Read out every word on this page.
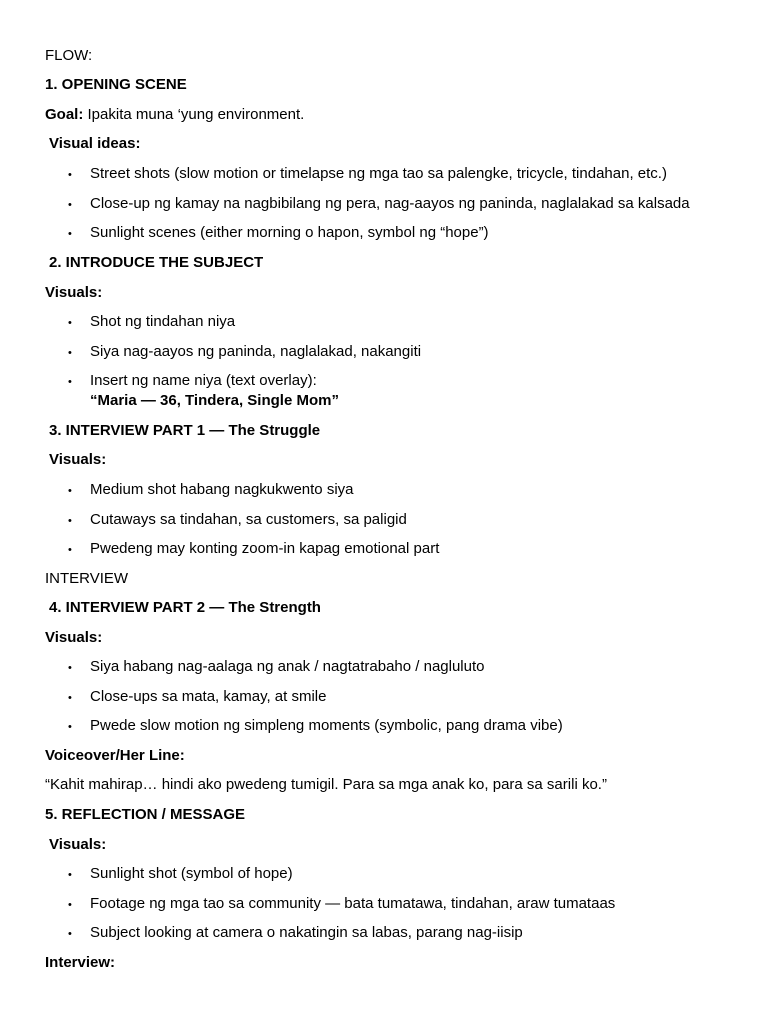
FLOW:
1. OPENING SCENE
Goal: Ipakita muna ‘yung environment.
Visual ideas:
• Street shots (slow motion or timelapse ng mga tao sa palengke, tricycle, tindahan, etc.)
• Close-up ng kamay na nagbibilang ng pera, nag-aayos ng paninda, naglalakad sa kalsada
• Sunlight scenes (either morning o hapon, symbol ng “hope”)
2. INTRODUCE THE SUBJECT
Visuals:
• Shot ng tindahan niya
• Siya nag-aayos ng paninda, naglalakad, nakangiti
• Insert ng name niya (text overlay):
“Maria — 36, Tindera, Single Mom”
3. INTERVIEW PART 1 — The Struggle
Visuals:
• Medium shot habang nagkukwento siya
• Cutaways sa tindahan, sa customers, sa paligid
• Pwedeng may konting zoom-in kapag emotional part
INTERVIEW
4. INTERVIEW PART 2 — The Strength
Visuals:
• Siya habang nag-aalaga ng anak / nagtatrabaho / nagluluto
• Close-ups sa mata, kamay, at smile
• Pwede slow motion ng simpleng moments (symbolic, pang drama vibe)
Voiceover/Her Line:
“Kahit mahirap… hindi ako pwedeng tumigil. Para sa mga anak ko, para sa sarili ko.”
5. REFLECTION / MESSAGE
Visuals:
• Sunlight shot (symbol of hope)
• Footage ng mga tao sa community — bata tumatawa, tindahan, araw tumataas
• Subject looking at camera o nakatingin sa labas, parang nag-iisip
Interview:
